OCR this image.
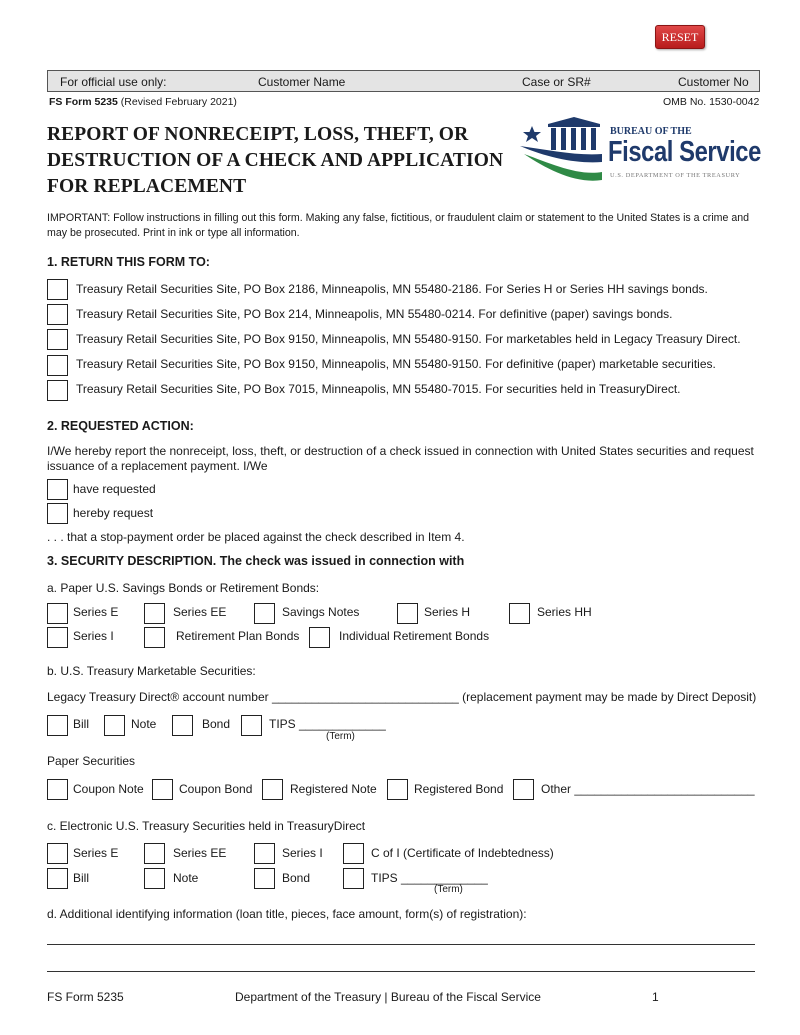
RESET
For official use only:	Customer Name	Case or SR#	Customer No
FS Form 5235 (Revised February 2021)	OMB No. 1530-0042
REPORT OF NONRECEIPT, LOSS, THEFT, OR DESTRUCTION OF A CHECK AND APPLICATION FOR REPLACEMENT
BUREAU OF THE
Fiscal Service
U.S. DEPARTMENT OF THE TREASURY
IMPORTANT: Follow instructions in filling out this form. Making any false, fictitious, or fraudulent claim or statement to the United States is a crime and may be prosecuted. Print in ink or type all information.
1. RETURN THIS FORM TO:
Treasury Retail Securities Site, PO Box 2186, Minneapolis, MN 55480-2186. For Series H or Series HH savings bonds.
Treasury Retail Securities Site, PO Box 214, Minneapolis, MN 55480-0214. For definitive (paper) savings bonds.
Treasury Retail Securities Site, PO Box 9150, Minneapolis, MN 55480-9150. For marketables held in Legacy Treasury Direct.
Treasury Retail Securities Site, PO Box 9150, Minneapolis, MN 55480-9150. For definitive (paper) marketable securities.
Treasury Retail Securities Site, PO Box 7015, Minneapolis, MN 55480-7015. For securities held in TreasuryDirect.
2. REQUESTED ACTION:
I/We hereby report the nonreceipt, loss, theft, or destruction of a check issued in connection with United States securities and request issuance of a replacement payment. I/We
have requested
hereby request
. . . that a stop-payment order be placed against the check described in Item 4.
3. SECURITY DESCRIPTION. The check was issued in connection with
a. Paper U.S. Savings Bonds or Retirement Bonds:
Series E	Series EE	Savings Notes	Series H	Series HH
Series I	Retirement Plan Bonds	Individual Retirement Bonds
b. U.S. Treasury Marketable Securities:
Legacy Treasury Direct® account number ____________________________ (replacement payment may be made by Direct Deposit)
Bill	Note	Bond	TIPS _____________
(Term)
Paper Securities
Coupon Note	Coupon Bond	Registered Note	Registered Bond	Other ___________________________
c. Electronic U.S. Treasury Securities held in TreasuryDirect
Series E	Series EE	Series I	C of I (Certificate of Indebtedness)
Bill	Note	Bond	TIPS _____________
(Term)
d. Additional identifying information (loan title, pieces, face amount, form(s) of registration):
FS Form 5235	Department of the Treasury | Bureau of the Fiscal Service	1
